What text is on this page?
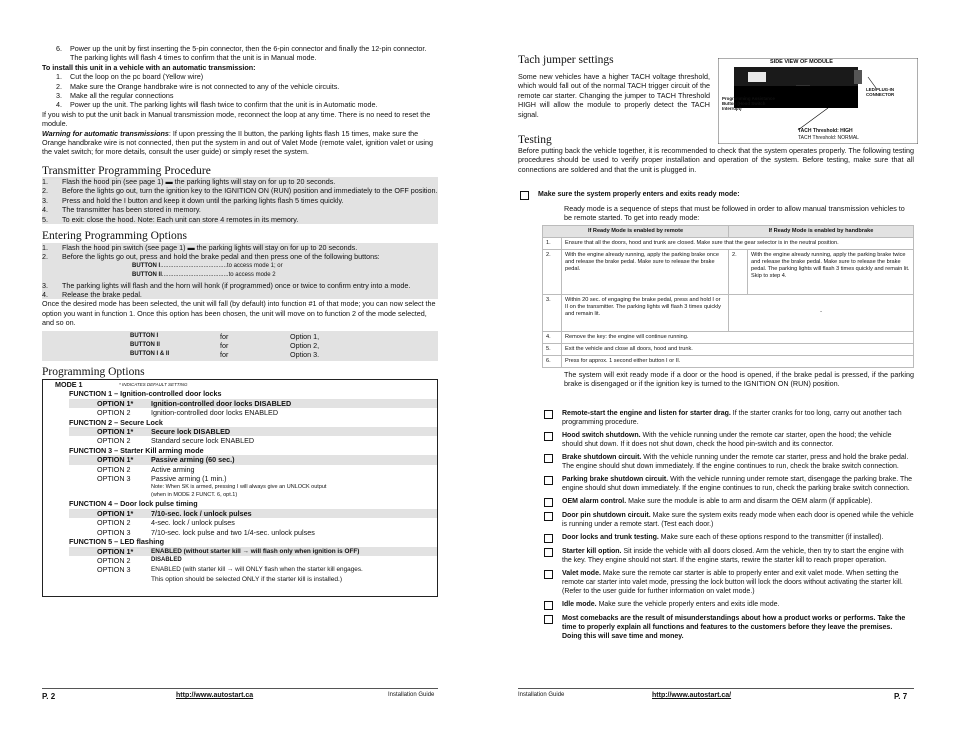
6.	Power up the unit by first inserting the 5-pin connector, then the 6-pin connector and finally the 12-pin connector.
The parking lights will flash 4 times to confirm that the unit is in Manual mode.
To install this unit in a vehicle with an automatic transmission:
1.	Cut the loop on the pc board (Yellow wire)
2.	Make sure the Orange handbrake wire is not connected to any of the vehicle circuits.
3.	Make all the regular connections
4.	Power up the unit. The parking lights will flash twice to confirm that the unit is in Automatic mode.
If you wish to put the unit back in Manual transmission mode, reconnect the loop at any time. There is no need to reset the module.
Warning for automatic transmissions: If upon pressing the II button, the parking lights flash 15 times, make sure the Orange handbrake wire is not connected, then put the system in and out of Valet Mode (remote valet, ignition valet or using the valet switch; for more details, consult the user guide) or simply reset the system.
Transmitter Programming Procedure
1.	Flash the hood pin (see page 1) ▬ the parking lights will stay on for up to 20 seconds.
2.	Before the lights go out, turn the ignition key to the IGNITION ON (RUN) position and immediately to the OFF position.
3.	Press and hold the I button and keep it down until the parking lights flash 5 times quickly.
4.	The transmitter has been stored in memory.
5.	To exit: close the hood. Note: Each unit can store 4 remotes in its memory.
Entering Programming Options
1.	Flash the hood pin switch (see page 1) ▬ the parking lights will stay on for up to 20 seconds.
2.	Before the lights go out, press and hold the brake pedal and then press one of the following buttons:
BUTTON I ........................................ to access mode 1; or
BUTTON II ........................................ to access mode 2
3.	The parking lights will flash and the horn will honk (if programmed) once or twice to confirm entry into a mode.
4.	Release the brake pedal.
Once the desired mode has been selected, the unit will fall (by default) into function #1 of that mode; you can now select the option you want in function 1. Once this option has been chosen, the unit will move on to function 2 of the mode selected, and so on.
BUTTON I	for	Option 1,
BUTTON II	for	Option 2,
BUTTON I & II	for	Option 3.
Programming Options
MODE 1	* INDICATES DEFAULT SETTING
FUNCTION 1 – Ignition-controlled door locks
OPTION 1*	Ignition-controlled door locks DISABLED
OPTION 2	Ignition-controlled door locks ENABLED
FUNCTION 2 – Secure Lock
OPTION 1*	Secure lock DISABLED
OPTION 2	Standard secure lock ENABLED
FUNCTION 3 – Starter Kill arming mode
OPTION 1*	Passive arming (60 sec.)
OPTION 2	Active arming
OPTION 3	Passive arming (1 min.)
Note: When SK is armed, pressing I will always give an UNLOCK output
(when in MODE 2 FUNCT. 6, opt.1)
FUNCTION 4 – Door lock pulse timing
OPTION 1*	7/10-sec. lock / unlock pulses
OPTION 2	4-sec. lock / unlock pulses
OPTION 3	7/10-sec. lock pulse and two 1/4-sec. unlock pulses
FUNCTION 5 – LED flashing
OPTION 1*	ENABLED (without starter kill → will flash only when ignition is OFF)
OPTION 2	DISABLED
OPTION 3	ENABLED (with starter kill → will ONLY flash when the starter kill engages.
This option should be selected ONLY if the starter kill is installed.)
P. 2	http://www.autostart.ca	Installation Guide
Tach jumper settings
Some new vehicles have a higher TACH voltage threshold, which would fall out of the normal TACH trigger circuit of the remote car starter. Changing the jumper to TACH Threshold HIGH will allow the module to properly detect the TACH signal.
SIDE VIEW OF MODULE
LED/PLUG-IN CONNECTOR
Programming Assistance Button (Hood Switch Interrupt)
TACH Threshold: HIGH
TACH Threshold: NORMAL
Testing
Before putting back the vehicle together, it is recommended to check that the system operates properly. The following testing procedures should be used to verify proper installation and operation of the system. Before testing, make sure that all connections are soldered and that the unit is plugged in.
Make sure the system properly enters and exits ready mode:
Ready mode is a sequence of steps that must be followed in order to allow manual transmission vehicles to be remote started. To get into ready mode:
If Ready Mode is enabled by remote		If Ready Mode is enabled by handbrake	
1.	Ensure that all the doors, hood and trunk are closed. Make sure that the gear selector is in the neutral position.		
2.	With the engine already running, apply the parking brake once and release the brake pedal. Make sure to release the brake pedal.	2.	With the engine already running, apply the parking brake twice and release the brake pedal. Make sure to release the brake pedal. The parking lights will flash 3 times quickly and remain lit. Skip to step 4.
3.	Within 20 sec. of engaging the brake pedal, press and hold I or II on the transmitter. The parking lights will flash 3 times quickly and remain lit.	-	
4.	Remove the key: the engine will continue running.		
5.	Exit the vehicle and close all doors, hood and trunk.		
6.	Press for approx. 1 second either button I or II.		
The system will exit ready mode if a door or the hood is opened, if the brake pedal is pressed, if the parking brake is disengaged or if the ignition key is turned to the IGNITION ON (RUN) position.
Remote-start the engine and listen for starter drag. If the starter cranks for too long, carry out another tach programming procedure.
Hood switch shutdown. With the vehicle running under the remote car starter, open the hood; the vehicle should shut down. If it does not shut down, check the hood pin-switch and its connector.
Brake shutdown circuit. With the vehicle running under the remote car starter, press and hold the brake pedal. The engine should shut down immediately. If the engine continues to run, check the brake switch connection.
Parking brake shutdown circuit. With the vehicle running under remote start, disengage the parking brake. The engine should shut down immediately. If the engine continues to run, check the parking brake switch connection.
OEM alarm control. Make sure the module is able to arm and disarm the OEM alarm (if applicable).
Door pin shutdown circuit. Make sure the system exits ready mode when each door is opened while the vehicle is running under a remote start. (Test each door.)
Door locks and trunk testing. Make sure each of these options respond to the transmitter (if installed).
Starter kill option. Sit inside the vehicle with all doors closed. Arm the vehicle, then try to start the engine with the key. They engine should not start. If the engine starts, rewire the starter kill to reach proper operation.
Valet mode. Make sure the remote car starter is able to properly enter and exit valet mode. When setting the remote car starter into valet mode, pressing the lock button will lock the doors without activating the starter kill. (Refer to the user guide for further information on valet mode.)
Idle mode. Make sure the vehicle properly enters and exits idle mode.
Most comebacks are the result of misunderstandings about how a product works or performs. Take the time to properly explain all functions and features to the customers before they leave the premises. Doing this will save time and money.
Installation Guide	http://www.autostart.ca/	P. 7
